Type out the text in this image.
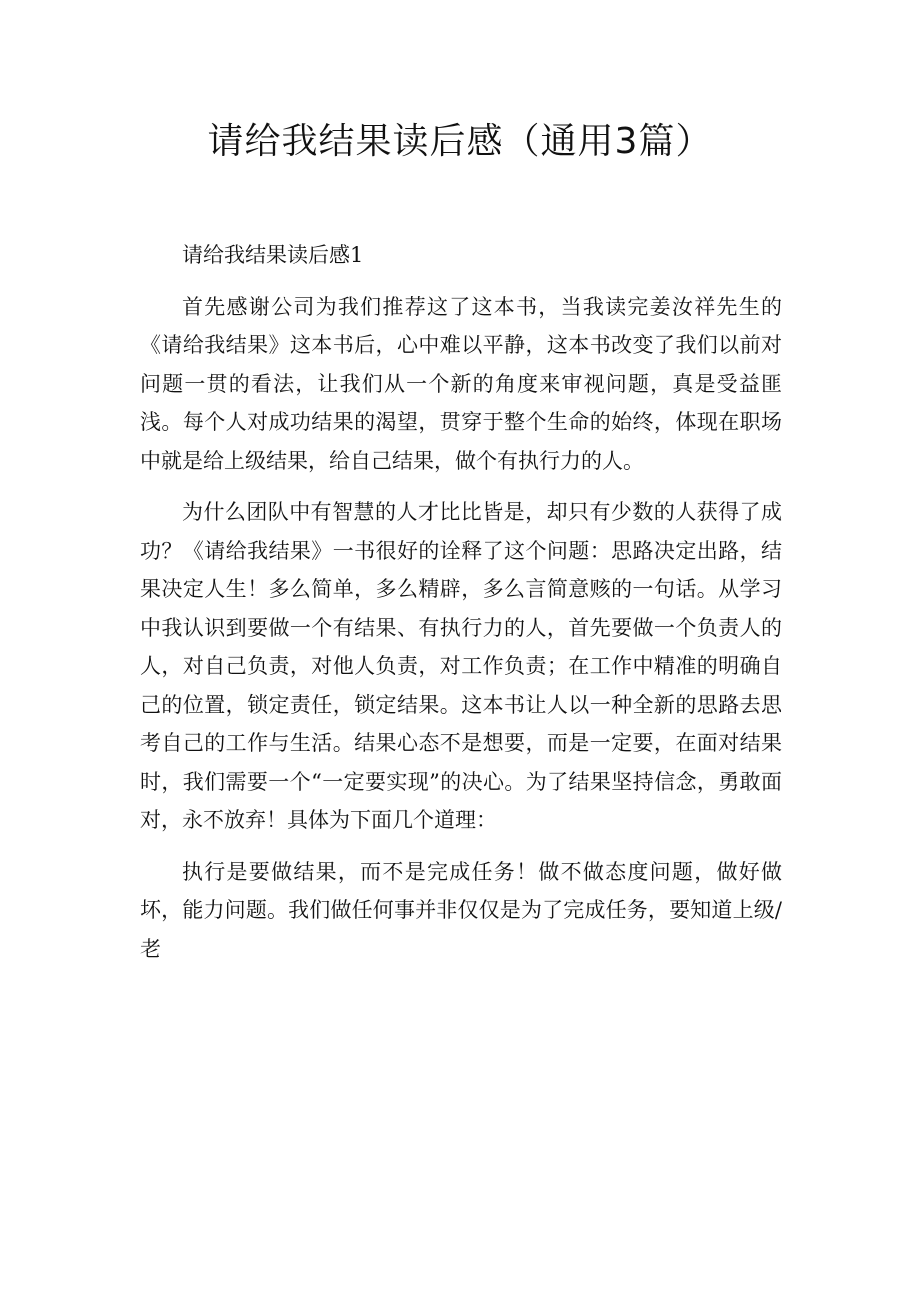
请给我结果读后感（通用3篇）

请给我结果读后感1

首先感谢公司为我们推荐这了这本书，当我读完姜汝祥先生的《请给我结果》这本书后，心中难以平静，这本书改变了我们以前对问题一贯的看法，让我们从一个新的角度来审视问题，真是受益匪浅。每个人对成功结果的渴望，贯穿于整个生命的始终，体现在职场中就是给上级结果，给自己结果，做个有执行力的人。

为什么团队中有智慧的人才比比皆是，却只有少数的人获得了成功？《请给我结果》一书很好的诠释了这个问题：思路决定出路，结果决定人生！多么简单，多么精辟，多么言简意赅的一句话。从学习中我认识到要做一个有结果、有执行力的人，首先要做一个负责人的人，对自己负责，对他人负责，对工作负责；在工作中精准的明确自己的位置，锁定责任，锁定结果。这本书让人以一种全新的思路去思考自己的工作与生活。结果心态不是想要，而是一定要，在面对结果时，我们需要一个“一定要实现”的决心。为了结果坚持信念，勇敢面对，永不放弃！具体为下面几个道理：

执行是要做结果，而不是完成任务！做不做态度问题，做好做坏，能力问题。我们做任何事并非仅仅是为了完成任务，要知道上级/老
